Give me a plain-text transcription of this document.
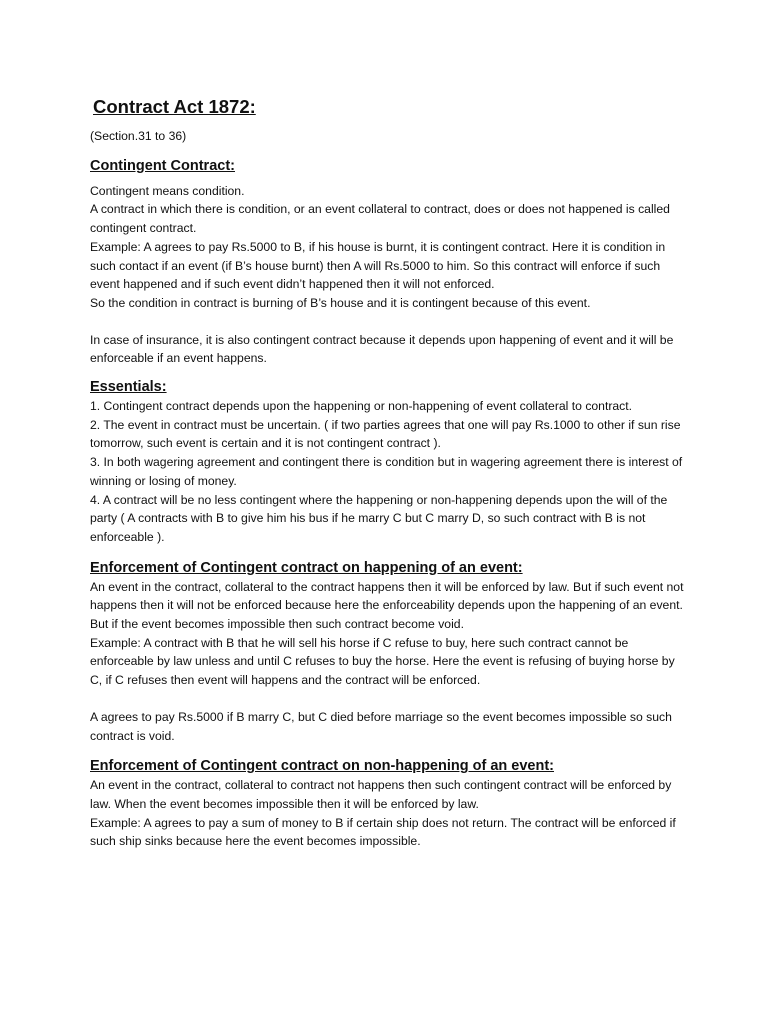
Contract Act 1872:
(Section.31 to 36)
Contingent Contract:

Contingent means condition.

A contract in which there is condition, or an event collateral to contract, does or does not happened is called contingent contract.

Example: A agrees to pay Rs.5000 to B, if his house is burnt, it is contingent contract. Here it is condition in such contact if an event (if B’s house burnt) then A will Rs.5000 to him. So this contract will enforce if such event happened and if such event didn’t happened then it will not enforced.

So the condition in contract is burning of B’s house and it is contingent because of this event.

In case of insurance, it is also contingent contract because it depends upon happening of event and it will be enforceable if an event happens.

Essentials:

1. Contingent contract depends upon the happening or non-happening of event collateral to contract.

2. The event in contract must be uncertain. ( if two parties agrees that one will pay Rs.1000 to other if sun rise tomorrow, such event is certain and it is not contingent contract ).

3. In both wagering agreement and contingent there is condition but in wagering agreement there is interest of winning or losing of money.

4. A contract will be no less contingent where the happening or non-happening depends upon the will of the party ( A contracts with B to give him his bus if he marry C but C marry D, so such contract with B is not enforceable ).

Enforcement of Contingent contract on happening of an event:

An event in the contract, collateral to the contract happens then it will be enforced by law. But if such event not happens then it will not be enforced because here the enforceability depends upon the happening of an event.

But if the event becomes impossible then such contract become void.

Example: A contract with B that he will sell his horse if C refuse to buy, here such contract cannot be enforceable by law unless and until C refuses to buy the horse. Here the event is refusing of buying horse by C, if C refuses then event will happens and the contract will be enforced.

A agrees to pay Rs.5000 if B marry C, but C died before marriage so the event becomes impossible so such contract is void.

Enforcement of Contingent contract on non-happening of an event:

An event in the contract, collateral to contract not happens then such contingent contract will be enforced by law. When the event becomes impossible then it will be enforced by law.

Example: A agrees to pay a sum of money to B if certain ship does not return. The contract will be enforced if such ship sinks because here the event becomes impossible.
